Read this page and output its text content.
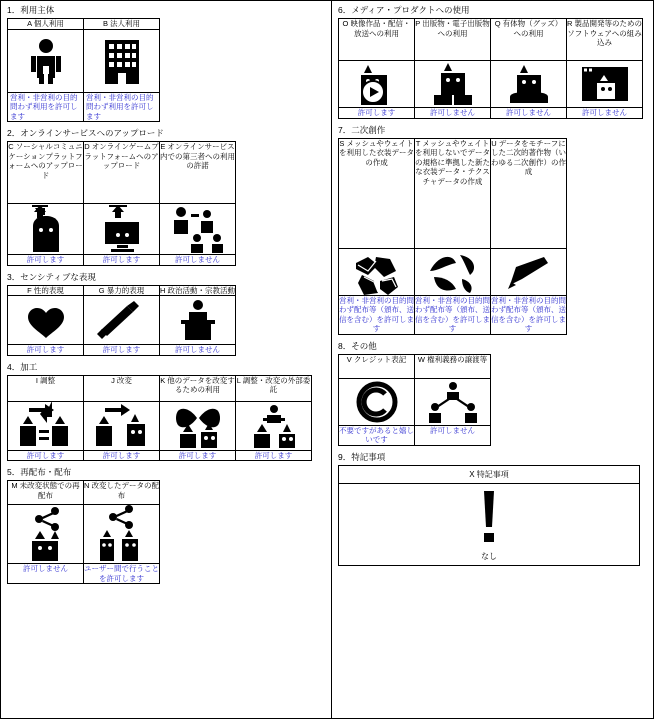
1．利用主体
A 個人利用	B 法人利用

営利・非営利の目的問わず利用を許可します	営利・非営利の目的問わず利用を許可します
2．オンラインサービスへのアップロード
C ソーシャルコミュニケーションプラットフォームへのアップロード	D オンラインゲームプラットフォームへのアップロード	E オンラインサービス内での第三者への利用の許諾

許可します	許可します	許可しません
3．センシティブな表現
F 性的表現	G 暴力的表現	H 政治活動・宗教活動

許可します	許可します	許可しません
4．加工
I 調整	J 改変	K 他のデータを改変するための利用	L 調整・改変の外部委託

許可します	許可します	許可します	許可します
5．再配布・配布
M 未改変状態での再配布	N 改変したデータの配布

許可しません	ユーザー間で行うことを許可します
6．メディア・プロダクトへの使用
O 映像作品・配信・放送への利用	P 出版物・電子出版物への利用	Q 有体物（グッズ）への利用	R 製品開発等のためのソフトウェアへの組み込み

許可します	許可しません	許可しません	許可しません
7．二次創作
S メッシュやウェイトを利用した衣装データの作成	T メッシュやウェイトを利用しないでデータの規格に準拠した新たな衣装データ・テクスチャデータの作成	U データをモチーフにした二次的著作物（いわゆる二次創作）の作成

営利・非営利の目的問わず配布等（頒布、送信を含む）を許可します	営利・非営利の目的問わず配布等（頒布、送信を含む）を許可します	営利・非営利の目的問わず配布等（頒布、送信を含む）を許可します
8．その他
V クレジット表記	W 権利義務の譲渡等

不要ですがあると嬉しいです	許可しません
9．特記事項
X 特記事項
なし
